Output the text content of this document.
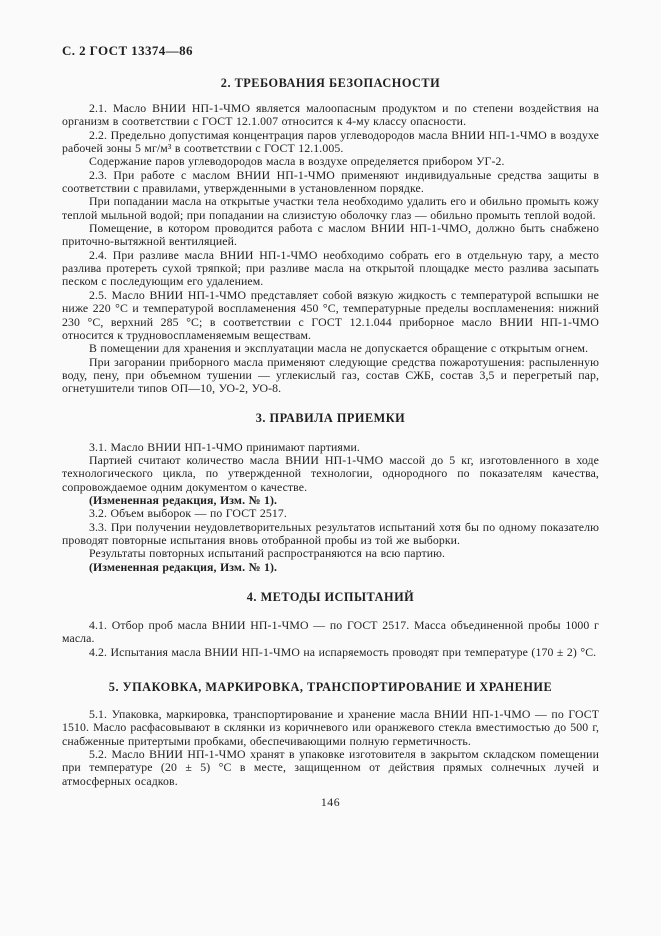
С. 2 ГОСТ 13374—86
2. ТРЕБОВАНИЯ БЕЗОПАСНОСТИ

2.1. Масло ВНИИ НП-1-ЧМО является малоопасным продуктом и по степени воздействия на организм в соответствии с ГОСТ 12.1.007 относится к 4-му классу опасности.

2.2. Предельно допустимая концентрация паров углеводородов масла ВНИИ НП-1-ЧМО в воздухе рабочей зоны 5 мг/м³ в соответствии с ГОСТ 12.1.005.

Содержание паров углеводородов масла в воздухе определяется прибором УГ-2.

2.3. При работе с маслом ВНИИ НП-1-ЧМО применяют индивидуальные средства защиты в соответствии с правилами, утвержденными в установленном порядке.

При попадании масла на открытые участки тела необходимо удалить его и обильно промыть кожу теплой мыльной водой; при попадании на слизистую оболочку глаз — обильно промыть теплой водой.

Помещение, в котором проводится работа с маслом ВНИИ НП-1-ЧМО, должно быть снабжено приточно-вытяжной вентиляцией.

2.4. При разливе масла ВНИИ НП-1-ЧМО необходимо собрать его в отдельную тару, а место разлива протереть сухой тряпкой; при разливе масла на открытой площадке место разлива засыпать песком с последующим его удалением.

2.5. Масло ВНИИ НП-1-ЧМО представляет собой вязкую жидкость с температурой вспышки не ниже 220 °С и температурой воспламенения 450 °С, температурные пределы воспламенения: нижний 230 °С, верхний 285 °С; в соответствии с ГОСТ 12.1.044 приборное масло ВНИИ НП-1-ЧМО относится к трудновоспламеняемым веществам.

В помещении для хранения и эксплуатации масла не допускается обращение с открытым огнем.

При загорании приборного масла применяют следующие средства пожаротушения: распыленную воду, пену, при объемном тушении — углекислый газ, состав СЖБ, состав 3,5 и перегретый пар, огнетушители типов ОП—10, УО-2, УО-8.

3. ПРАВИЛА ПРИЕМКИ

3.1. Масло ВНИИ НП-1-ЧМО принимают партиями.

Партией считают количество масла ВНИИ НП-1-ЧМО массой до 5 кг, изготовленного в ходе технологического цикла, по утвержденной технологии, однородного по показателям качества, сопровождаемое одним документом о качестве.

(Измененная редакция, Изм. № 1).

3.2. Объем выборок — по ГОСТ 2517.

3.3. При получении неудовлетворительных результатов испытаний хотя бы по одному показателю проводят повторные испытания вновь отобранной пробы из той же выборки.

Результаты повторных испытаний распространяются на всю партию.

(Измененная редакция, Изм. № 1).

4. МЕТОДЫ ИСПЫТАНИЙ

4.1. Отбор проб масла ВНИИ НП-1-ЧМО — по ГОСТ 2517. Масса объединенной пробы 1000 г масла.

4.2. Испытания масла ВНИИ НП-1-ЧМО на испаряемость проводят при температуре (170 ± 2) °С.

5. УПАКОВКА, МАРКИРОВКА, ТРАНСПОРТИРОВАНИЕ И ХРАНЕНИЕ

5.1. Упаковка, маркировка, транспортирование и хранение масла ВНИИ НП-1-ЧМО — по ГОСТ 1510. Масло расфасовывают в склянки из коричневого или оранжевого стекла вместимостью до 500 г, снабженные притертыми пробками, обеспечивающими полную герметичность.

5.2. Масло ВНИИ НП-1-ЧМО хранят в упаковке изготовителя в закрытом складском помещении при температуре (20 ± 5) °С в месте, защищенном от действия прямых солнечных лучей и атмосферных осадков.

146
